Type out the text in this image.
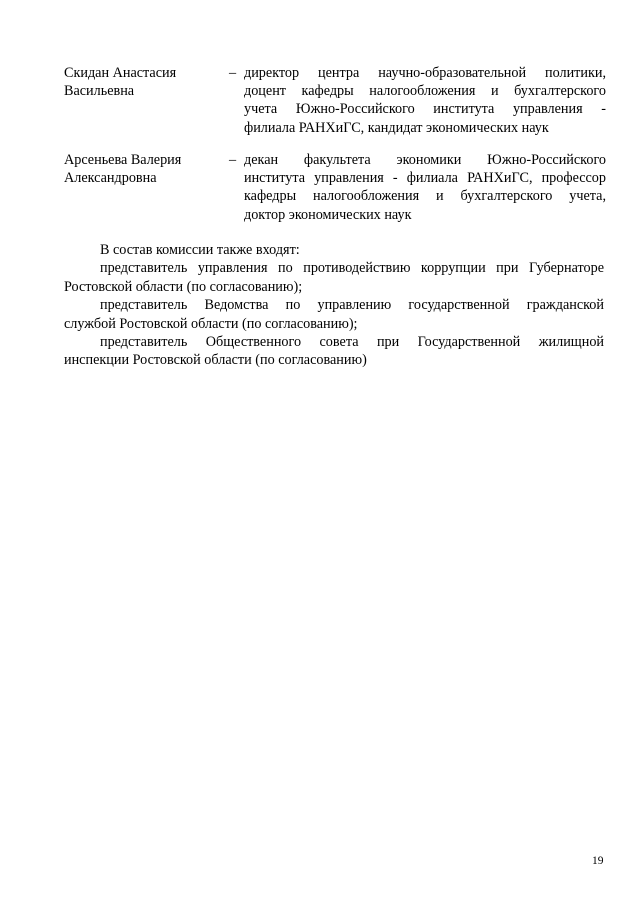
Скидан Анастасия
Васильевна
– директор центра научно-образовательной политики,
доцент кафедры налогообложения и бухгалтерского
учета Южно-Российского института управления -
филиала РАНХиГС, кандидат экономических наук
Арсеньева Валерия
Александровна
– декан факультета экономики Южно-Российского
института управления - филиала РАНХиГС, профессор
кафедры налогообложения и бухгалтерского учета,
доктор экономических наук
В состав комиссии также входят:
представитель управления по противодействию коррупции при Губернаторе
Ростовской области (по согласованию);
представитель Ведомства по управлению государственной гражданской
службой Ростовской области (по согласованию);
представитель Общественного совета при Государственной жилищной
инспекции Ростовской области (по согласованию)
19
